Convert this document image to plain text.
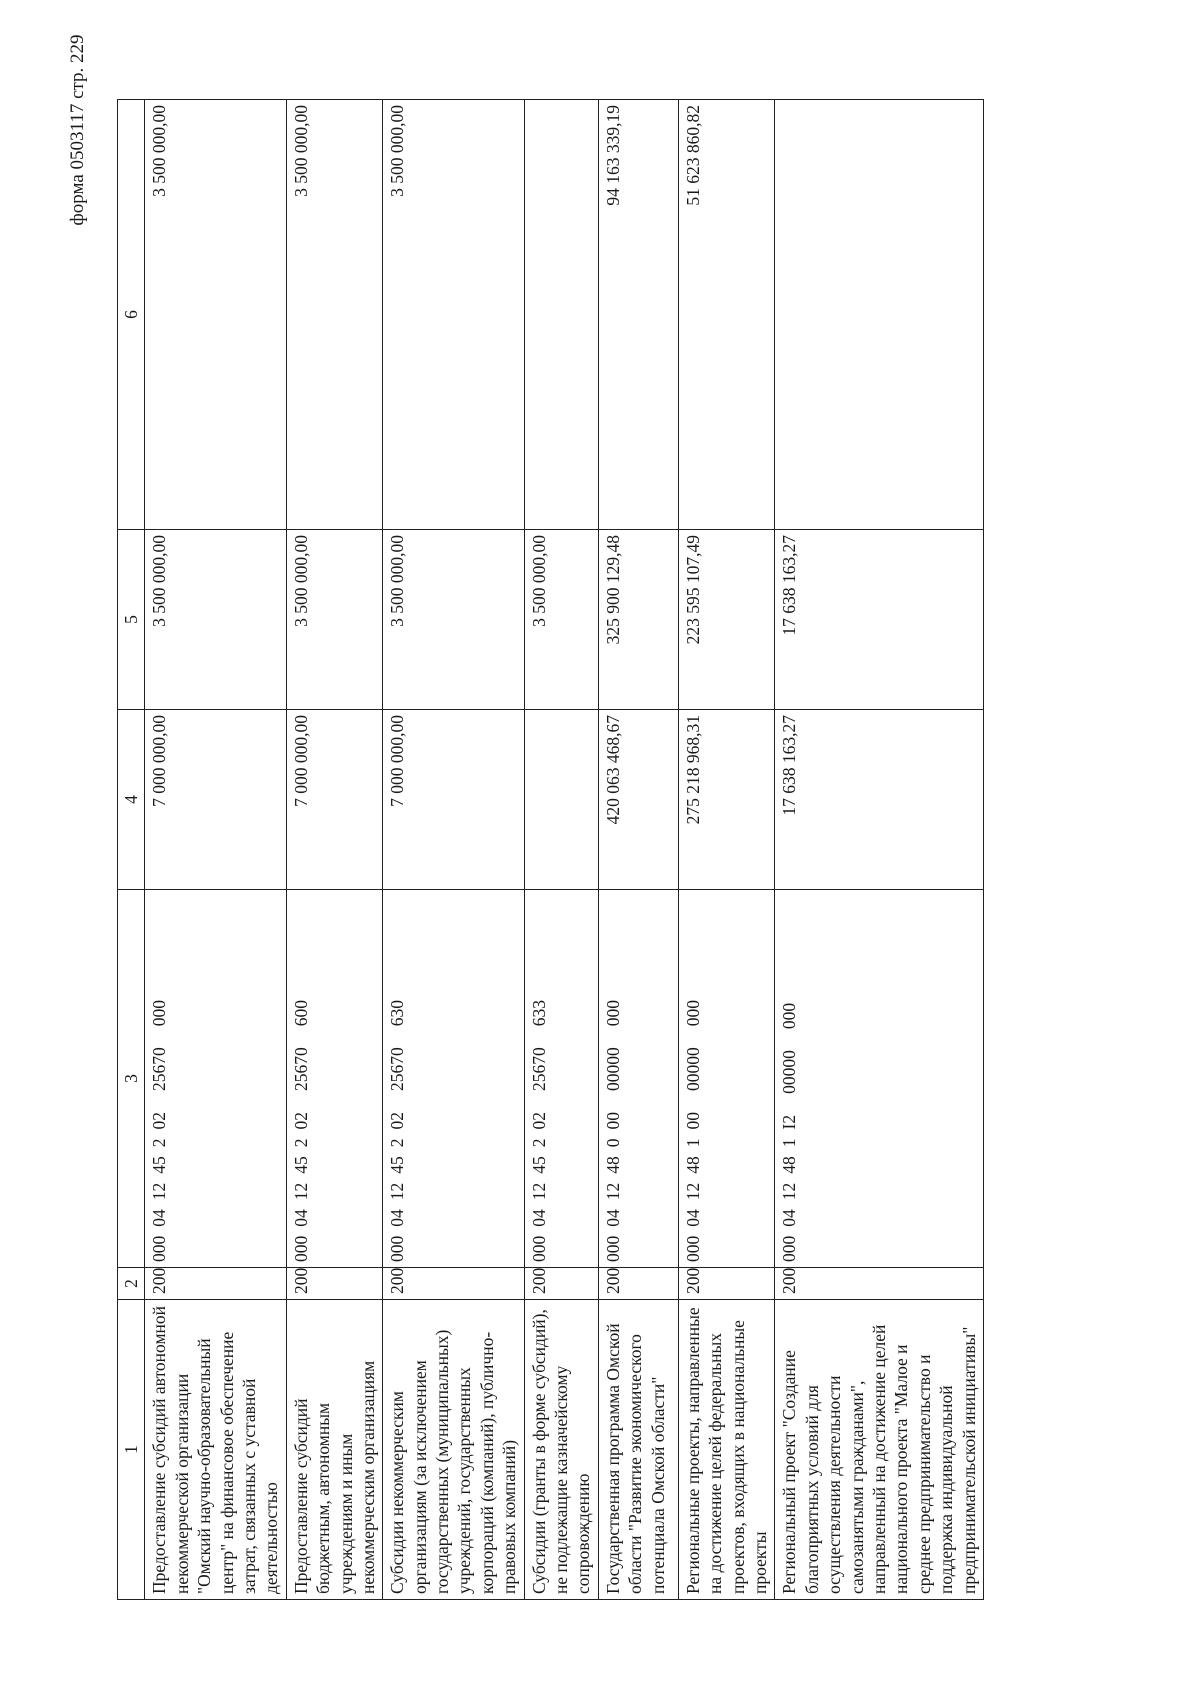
форма 0503117 стр. 229
1	2	3	4	5	6
Предоставление субсидий автономной некоммерческой организации "Омский научно-образовательный центр" на финансовое обеспечение затрат, связанных с уставной деятельностью	200	00004124520225670000	7 000 000,00	3 500 000,00	3 500 000,00
Предоставление субсидий бюджетным, автономным учреждениям и иным некоммерческим организациям	200	00004124520225670600	7 000 000,00	3 500 000,00	3 500 000,00
Субсидии некоммерческим организациям (за исключением государственных (муниципальных) учреждений, государственных корпораций (компаний), публично-правовых компаний)	200	00004124520225670630	7 000 000,00	3 500 000,00	3 500 000,00
Субсидии (гранты в форме субсидий), не подлежащие казначейскому сопровождению	200	00004124520225670633		3 500 000,00	
Государственная программа Омской области "Развитие экономического потенциала Омской области"	200	00004124800000000000	420 063 468,67	325 900 129,48	94 163 339,19
Региональные проекты, направленные на достижение целей федеральных проектов, входящих в национальные проекты	200	00004124810000000000	275 218 968,31	223 595 107,49	51 623 860,82
Региональный проект "Создание благоприятных условий для осуществления деятельности самозанятыми гражданами", направленный на достижение целей национального проекта "Малое и среднее предпринимательство и поддержка индивидуальной предпринимательской инициативы"	200	0000412481I200000000	17 638 163,27	17 638 163,27	
